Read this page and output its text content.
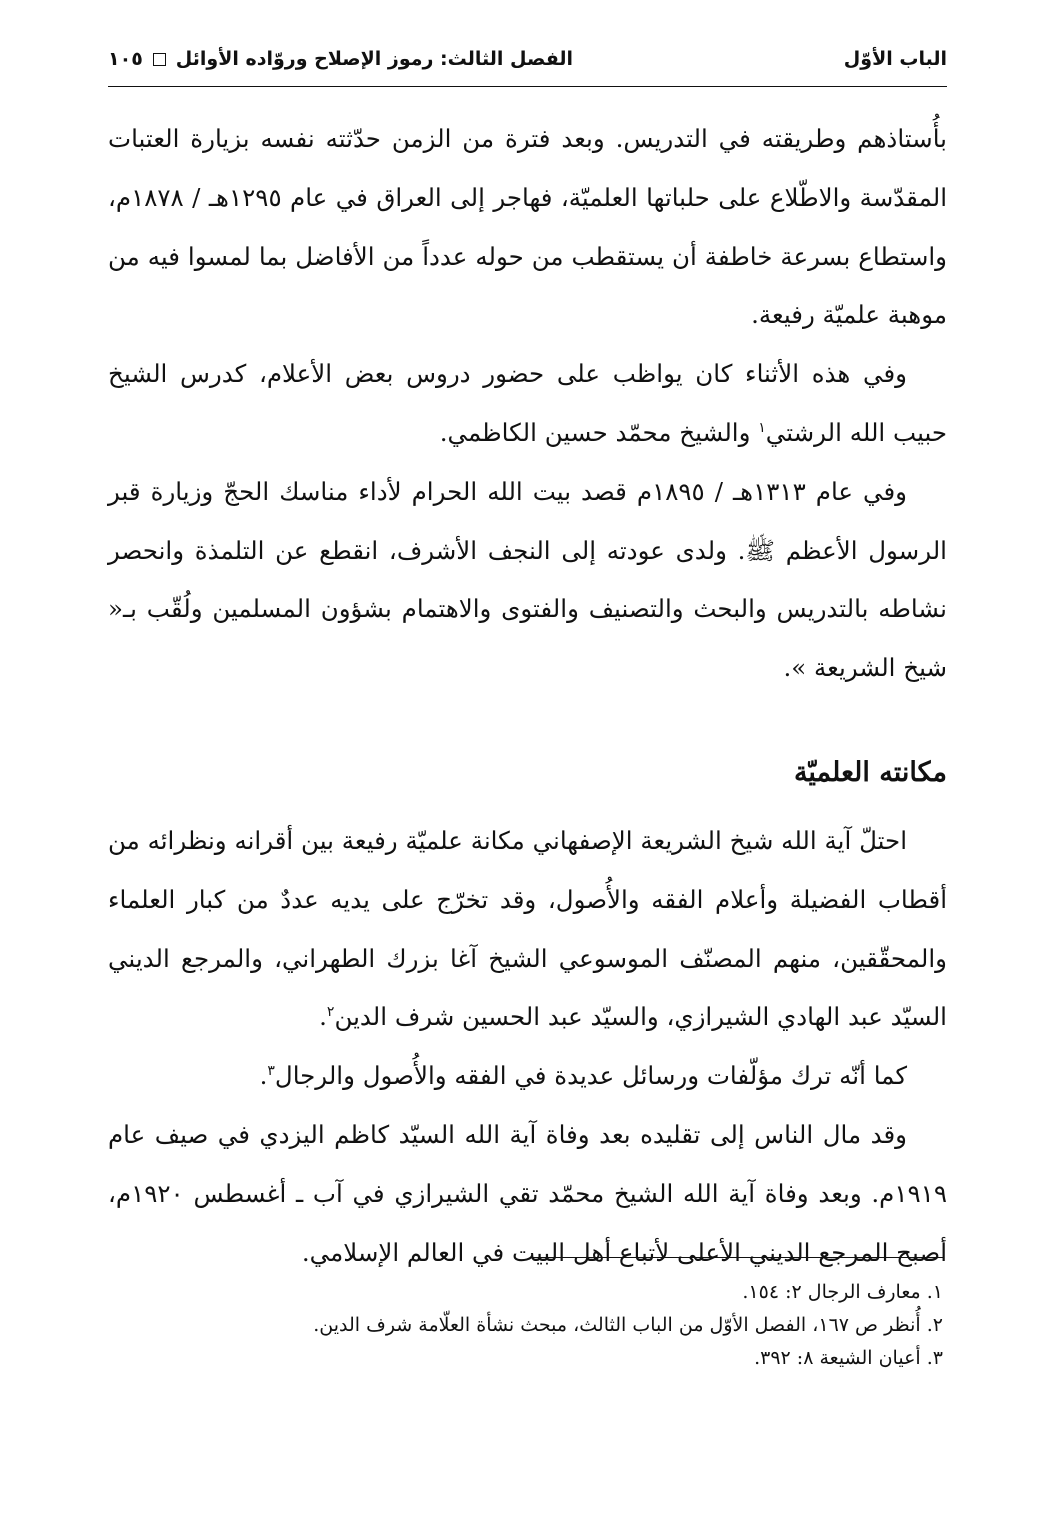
الباب الأوّل
الفصل الثالث: رموز الإصلاح وروّاده الأوائل١٠٥

بأُستاذهم وطريقته في التدريس. وبعد فترة من الزمن حدّثته نفسه بزيارة العتبات المقدّسة والاطّلاع على حلباتها العلميّة، فهاجر إلى العراق في عام ١٢٩٥هـ / ١٨٧٨م، واستطاع بسرعة خاطفة أن يستقطب من حوله عدداً من الأفاضل بما لمسوا فيه من موهبة علميّة رفيعة.

وفي هذه الأثناء كان يواظب على حضور دروس بعض الأعلام، كدرس الشيخ حبيب الله الرشتي$^١$ والشيخ محمّد حسين الكاظمي.

وفي عام ١٣١٣هـ / ١٨٩٥م قصد بيت الله الحرام لأداء مناسك الحجّ وزيارة قبر الرسول الأعظم ﷺ. ولدى عودته إلى النجف الأشرف، انقطع عن التلمذة وانحصر نشاطه بالتدريس والبحث والتصنيف والفتوى والاهتمام بشؤون المسلمين ولُقّب بـ« شيخ الشريعة ».

مكانته العلميّة

احتلّ آية الله شيخ الشريعة الإصفهاني مكانة علميّة رفيعة بين أقرانه ونظرائه من أقطاب الفضيلة وأعلام الفقه والأُصول، وقد تخرّج على يديه عددٌ من كبار العلماء والمحقّقين، منهم المصنّف الموسوعي الشيخ آغا بزرك الطهراني، والمرجع الديني السيّد عبد الهادي الشيرازي، والسيّد عبد الحسين شرف الدين$^٢$.

كما أنّه ترك مؤلّفات ورسائل عديدة في الفقه والأُصول والرجال$^٣$.

وقد مال الناس إلى تقليده بعد وفاة آية الله السيّد كاظم اليزدي في صيف عام ١٩١٩م. وبعد وفاة آية الله الشيخ محمّد تقي الشيرازي في آب ـ أغسطس ١٩٢٠م، أصبح المرجع الديني الأعلى لأتباع أهل البيت في العالم الإسلامي.

١. معارف الرجال ٢: ١٥٤.

٢. أُنظر ص ١٦٧، الفصل الأوّل من الباب الثالث، مبحث نشأة العلّامة شرف الدين.

٣. أعيان الشيعة ٨: ٣٩٢.
